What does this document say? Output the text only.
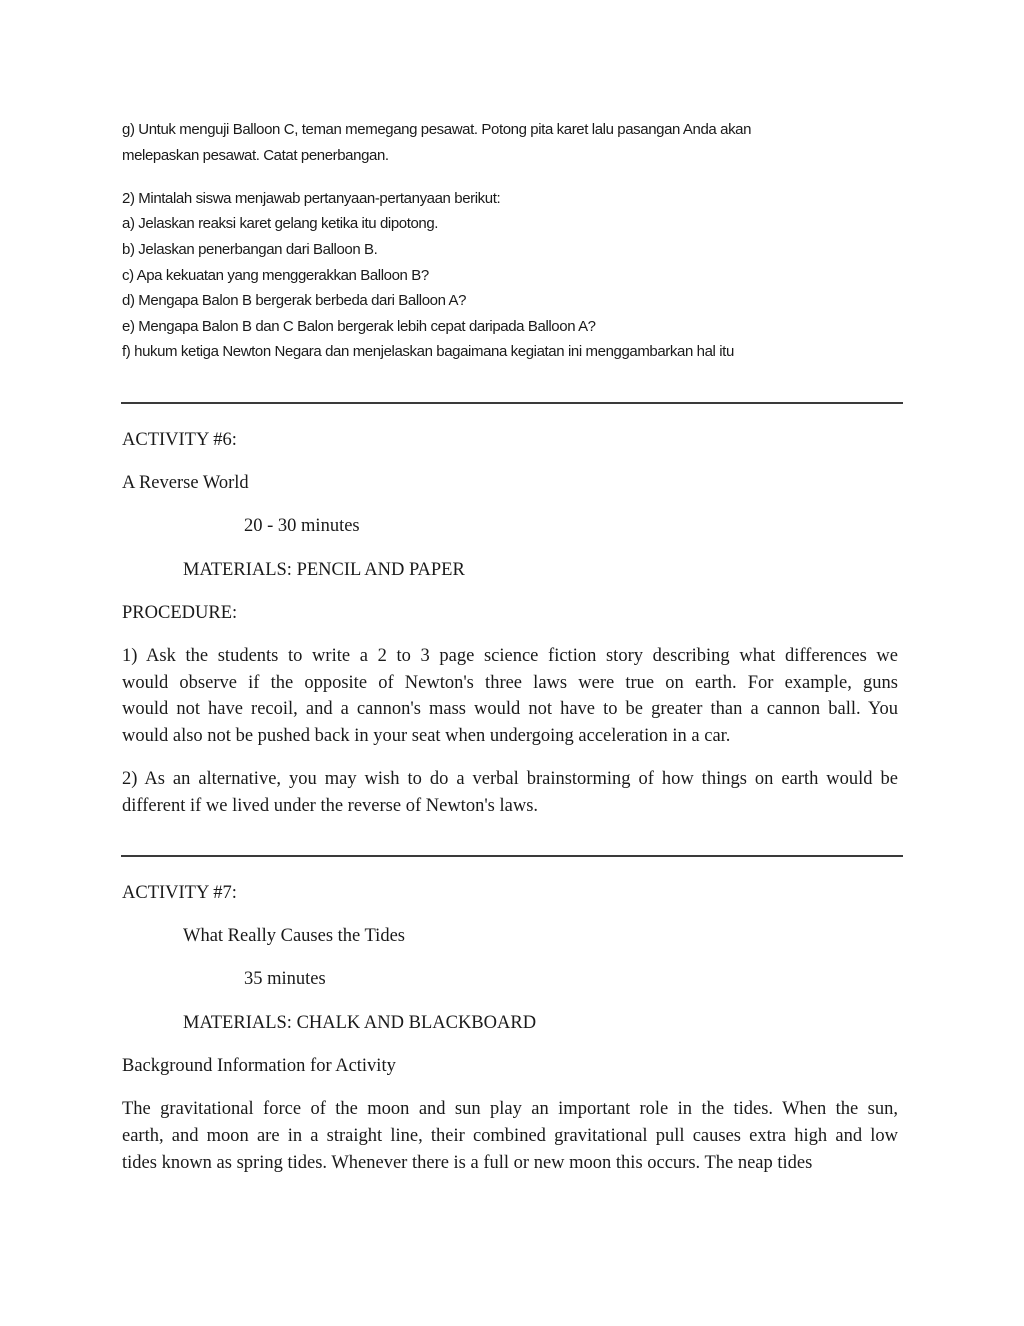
g) Untuk menguji Balloon C, teman memegang pesawat. Potong pita karet lalu pasangan Anda akan
melepaskan pesawat. Catat penerbangan.
2) Mintalah siswa menjawab pertanyaan-pertanyaan berikut:
a) Jelaskan reaksi karet gelang ketika itu dipotong.
b) Jelaskan penerbangan dari Balloon B.
c) Apa kekuatan yang menggerakkan Balloon B?
d) Mengapa Balon B bergerak berbeda dari Balloon A?
e) Mengapa Balon B dan C Balon bergerak lebih cepat daripada Balloon A?
f) hukum ketiga Newton Negara dan menjelaskan bagaimana kegiatan ini menggambarkan hal itu
ACTIVITY #6:
A Reverse World
20 - 30 minutes
MATERIALS: PENCIL AND PAPER
PROCEDURE:
1) Ask the students to write a 2 to 3 page science fiction story describing what differences we
would observe if the opposite of Newton's three laws were true on earth. For example, guns
would not have recoil, and a cannon's mass would not have to be greater than a cannon ball. You
would also not be pushed back in your seat when undergoing acceleration in a car.
2) As an alternative, you may wish to do a verbal brainstorming of how things on earth would be
different if we lived under the reverse of Newton's laws.
ACTIVITY #7:
What Really Causes the Tides
35 minutes
MATERIALS: CHALK AND BLACKBOARD
Background Information for Activity
The gravitational force of the moon and sun play an important role in the tides. When the sun,
earth, and moon are in a straight line, their combined gravitational pull causes extra high and low
tides known as spring tides. Whenever there is a full or new moon this occurs. The neap tides
